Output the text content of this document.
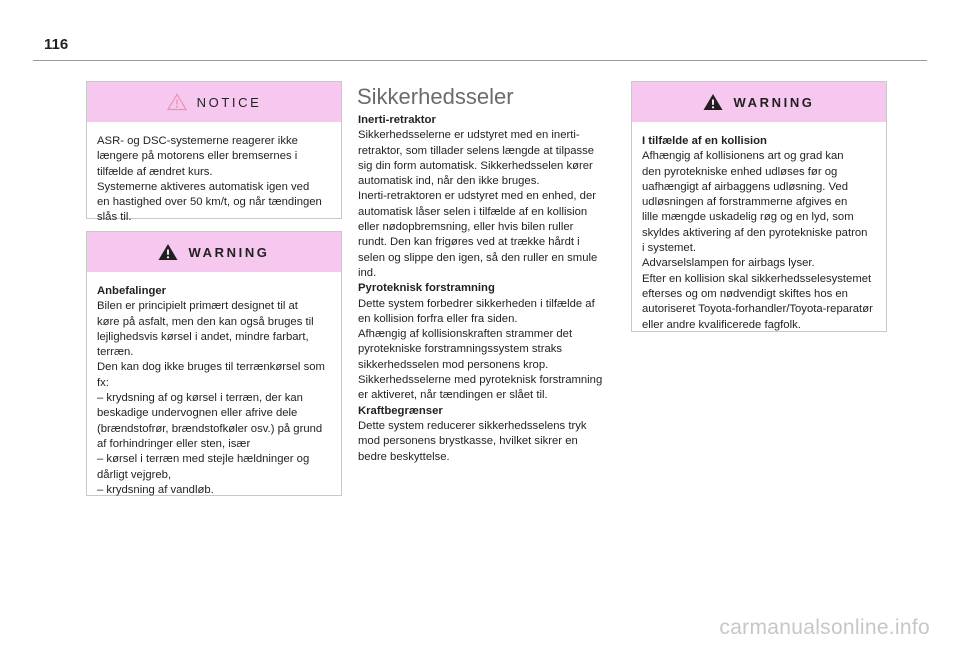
116
NOTICE

ASR- og DSC-systemerne reagerer ikke

længere på motorens eller bremsernes i

tilfælde af ændret kurs.

Systemerne aktiveres automatisk igen ved

en hastighed over 50 km/t, og når tændingen

slås til.

WARNING

Anbefalinger

Bilen er principielt primært designet til at

køre på asfalt, men den kan også bruges til

lejlighedsvis kørsel i andet, mindre farbart,

terræn.

Den kan dog ikke bruges til terrænkørsel som

fx:

– krydsning af og kørsel i terræn, der kan

beskadige undervognen eller afrive dele

(brændstofrør, brændstofkøler osv.) på grund

af forhindringer eller sten, især

– kørsel i terræn med stejle hældninger og

dårligt vejgreb,

– krydsning af vandløb.

Sikkerhedsseler

Inerti-retraktor

Sikkerhedsselerne er udstyret med en inerti-

retraktor, som tillader selens længde at tilpasse

sig din form automatisk. Sikkerhedsselen kører

automatisk ind, når den ikke bruges.

Inerti-retraktoren er udstyret med en enhed, der

automatisk låser selen i tilfælde af en kollision

eller nødopbremsning, eller hvis bilen ruller

rundt. Den kan frigøres ved at trække hårdt i

selen og slippe den igen, så den ruller en smule

ind.

Pyroteknisk forstramning

Dette system forbedrer sikkerheden i tilfælde af

en kollision forfra eller fra siden.

Afhængig af kollisionskraften strammer det

pyrotekniske forstramningssystem straks

sikkerhedsselen mod personens krop.

Sikkerhedsselerne med pyroteknisk forstramning

er aktiveret, når tændingen er slået til.

Kraftbegrænser

Dette system reducerer sikkerhedsselens tryk

mod personens brystkasse, hvilket sikrer en

bedre beskyttelse.

WARNING

I tilfælde af en kollision

Afhængig af kollisionens art og grad kan

den pyrotekniske enhed udløses før og

uafhængigt af airbaggens udløsning. Ved

udløsningen af forstrammerne afgives en

lille mængde uskadelig røg og en lyd, som

skyldes aktivering af den pyrotekniske patron

i systemet.

Advarselslampen for airbags lyser.

Efter en kollision skal sikkerhedsselesystemet

efterses og om nødvendigt skiftes hos en

autoriseret Toyota-forhandler/Toyota-reparatør

eller andre kvalificerede fagfolk.

carmanualsonline.info
